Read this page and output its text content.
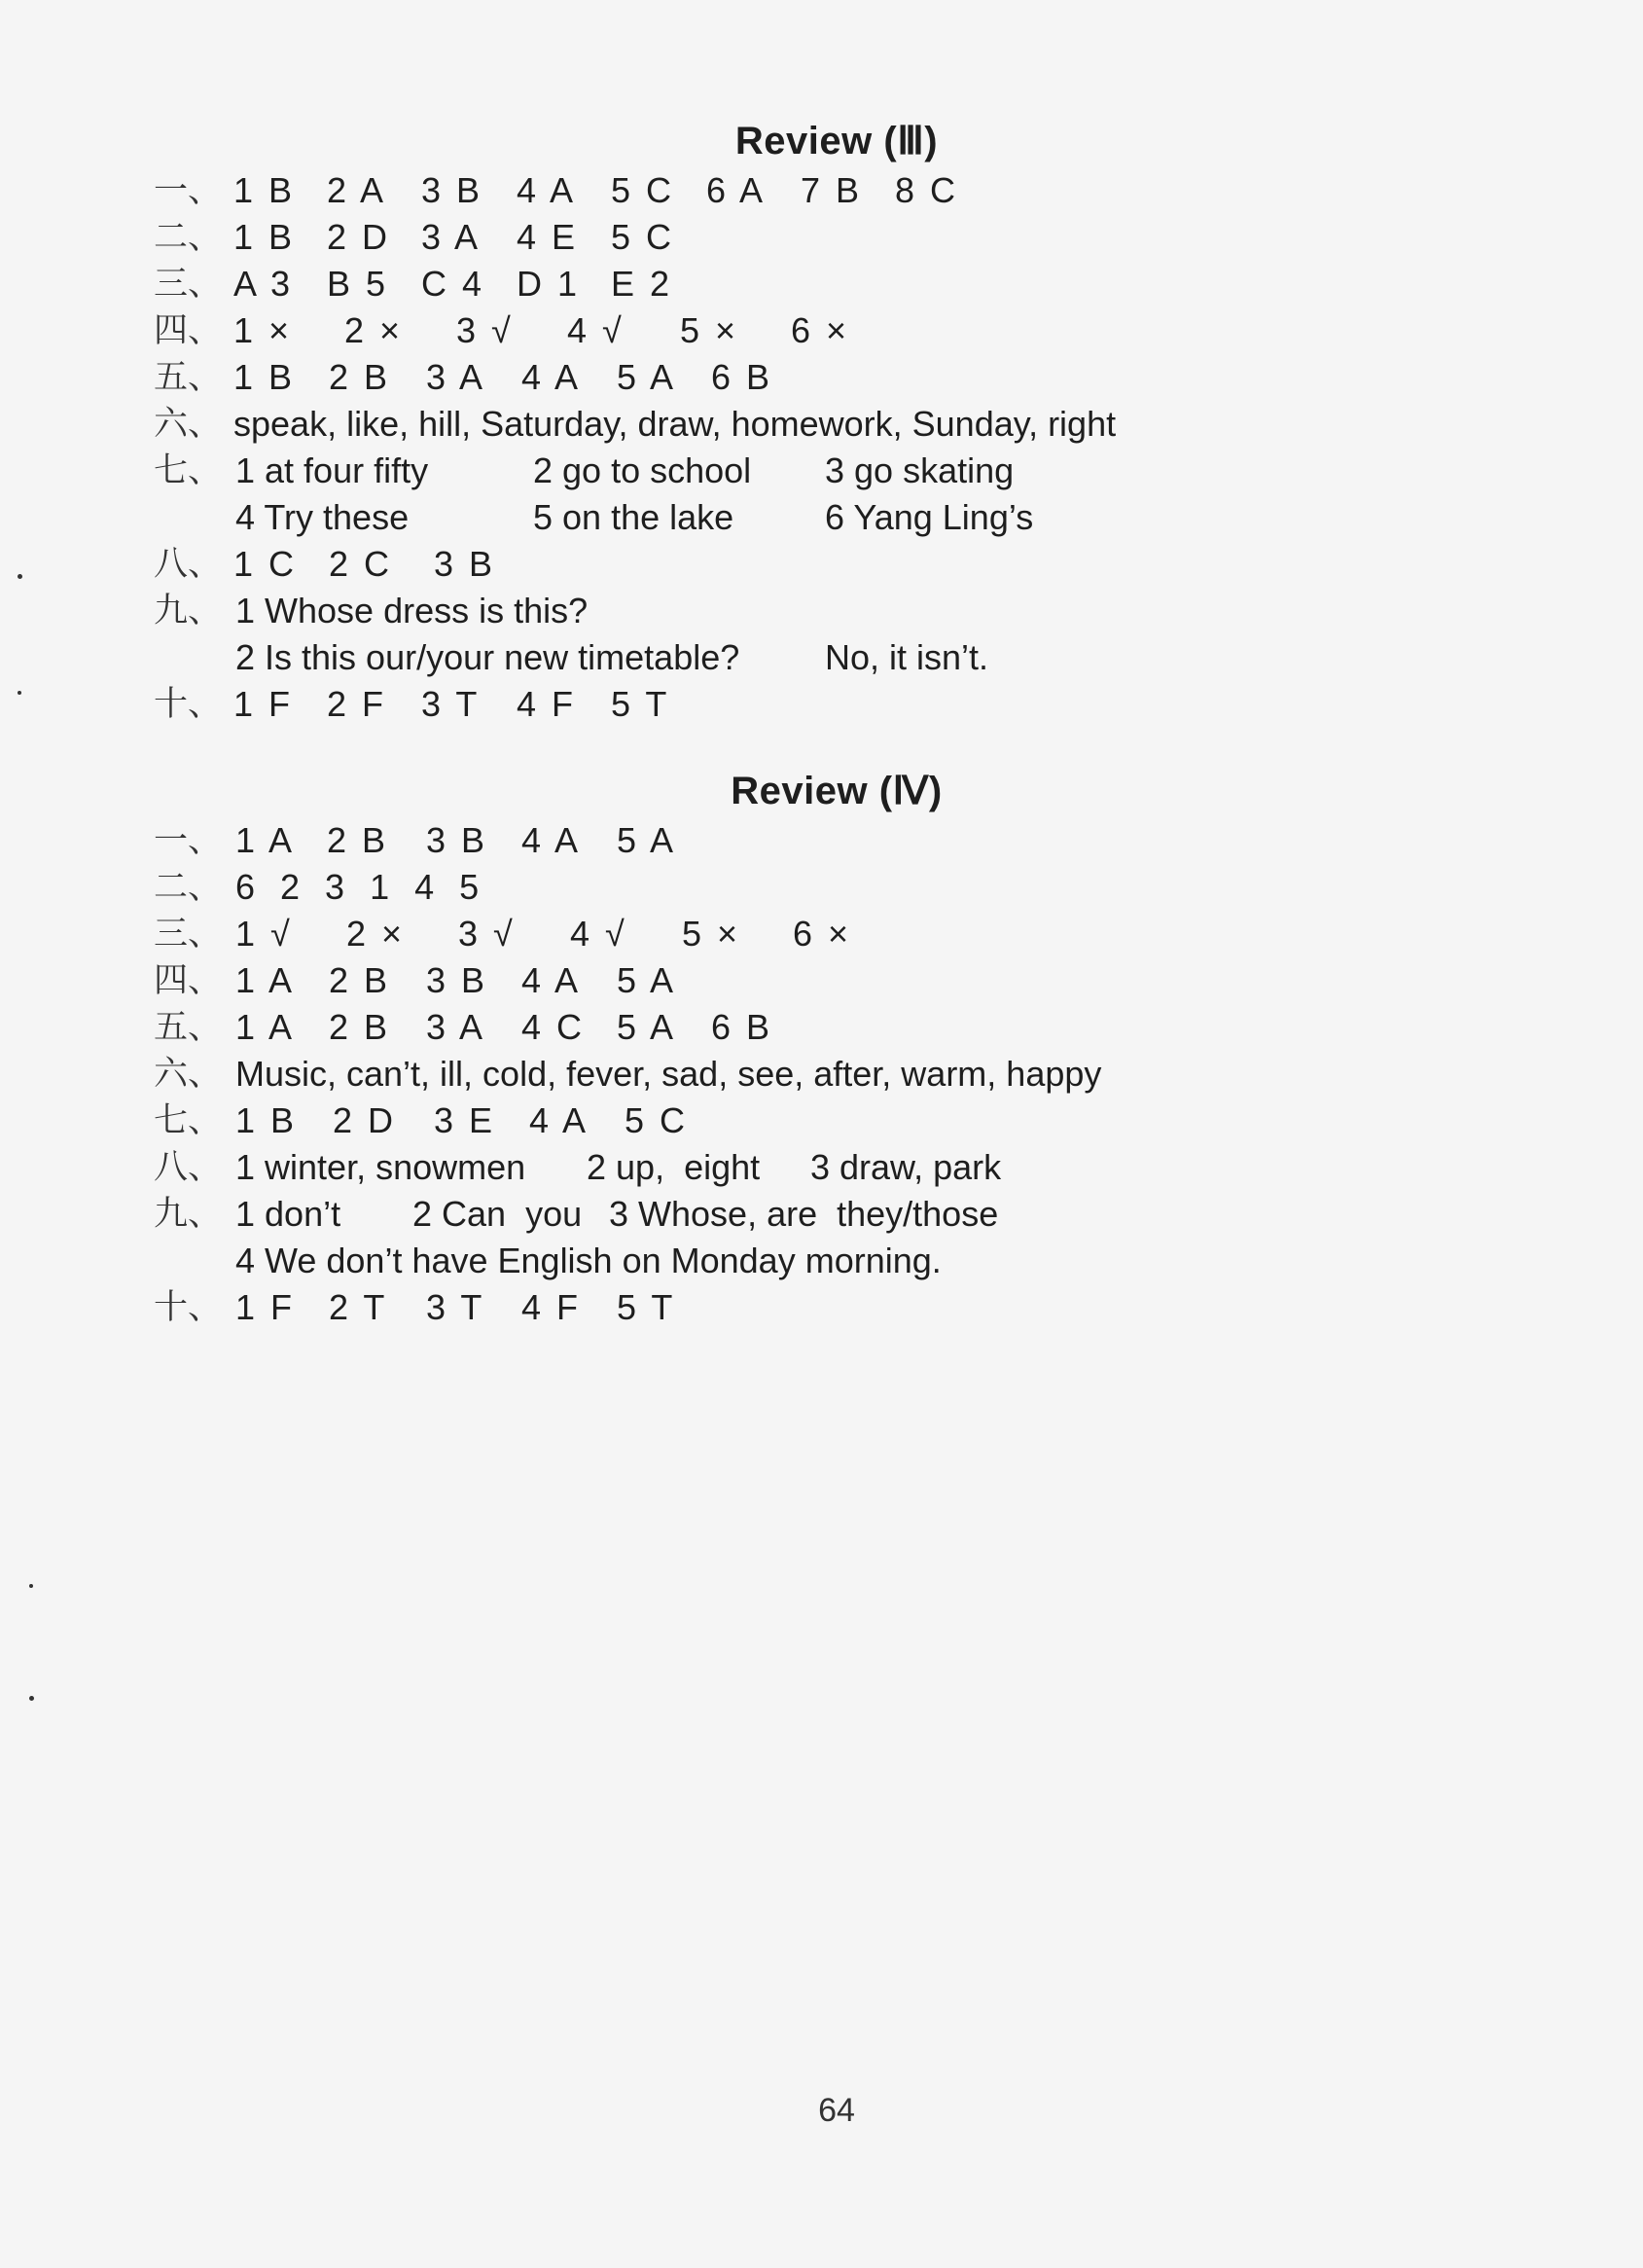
Review (Ⅲ)
一、 1 B 2 A 3 B 4 A 5 C 6 A 7 B 8 C
二、 1 B 2 D 3 A 4 E 5 C
三、 A 3 B 5 C 4 D 1 E 2
四、 1 × 2 × 3 √ 4 √ 5 × 6 ×
五、 1 B 2 B 3 A 4 A 5 A 6 B
六、 speak, like, hill, Saturday, draw, homework, Sunday, right
七、 1 at four fifty	2 go to school 3 go skating
4 Try these	5 on the lake	6 Yang Ling’s
八、 1 C 2 C 3 B
九、 1 Whose dress is this?
2 Is this our/your new timetable? No, it isn’t.
十、 1 F 2 F 3 T 4 F 5 T
Review (Ⅳ)
一、 1 A 2 B 3 B 4 A 5 A
二、 6  2  3  1  4  5
三、 1 √ 2 × 3 √ 4 √ 5 × 6 ×
四、 1 A 2 B 3 B 4 A 5 A
五、 1 A 2 B 3 A 4 C 5 A 6 B
六、 Music, can’t, ill, cold, fever, sad, see, after, warm, happy
七、 1 B 2 D 3 E 4 A 5 C
八、 1 winter, snowmen 2 up,  eight 3 draw, park
九、 1 don’t 2 Can  you 3 Whose, are  they/those
4 We don’t have English on Monday morning.
十、 1 F 2 T 3 T 4 F 5 T
64
